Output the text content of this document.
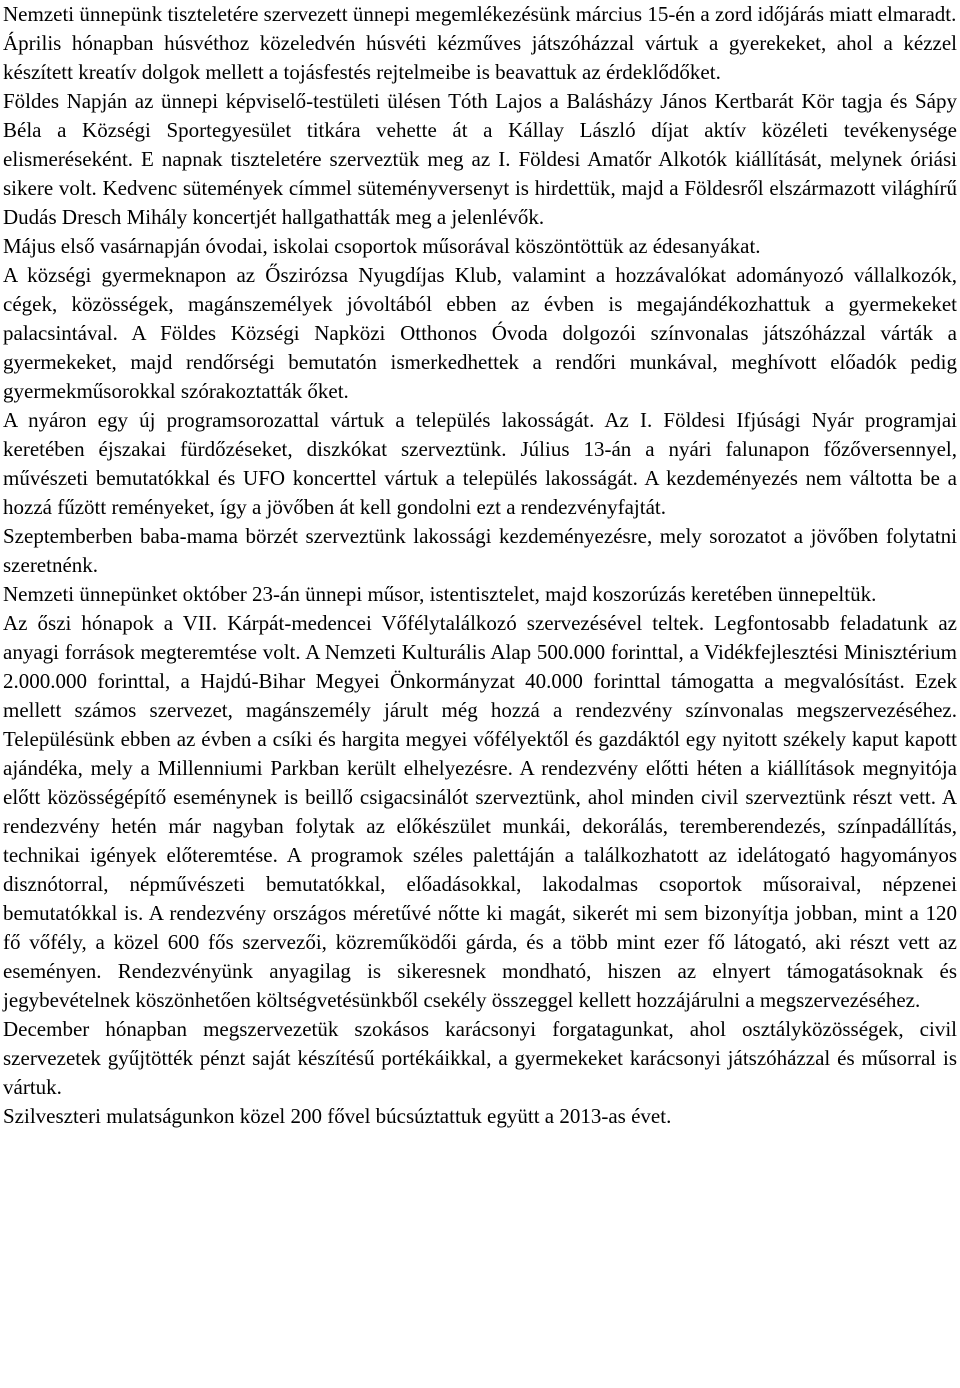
Nemzeti ünnepünk tiszteletére szervezett ünnepi megemlékezésünk március 15-én a zord időjárás miatt elmaradt.

Április hónapban húsvéthoz közeledvén húsvéti kézműves játszóházzal vártuk a gyerekeket, ahol a kézzel készített kreatív dolgok mellett a tojásfestés rejtelmeibe is beavattuk az érdeklődőket.

Földes Napján az ünnepi képviselő-testületi ülésen Tóth Lajos a Balásházy János Kertbarát Kör tagja és Sápy Béla a Községi Sportegyesület titkára vehette át a Kállay László díjat aktív közéleti tevékenysége elismeréseként. E napnak tiszteletére szerveztük meg az I. Földesi Amatőr Alkotók kiállítását, melynek óriási sikere volt. Kedvenc sütemények címmel süteményversenyt is hirdettük, majd a Földesről elszármazott világhírű Dudás Dresch Mihály koncertjét hallgathatták meg a jelenlévők.

Május első vasárnapján óvodai, iskolai csoportok műsorával köszöntöttük az édesanyákat.

A községi gyermeknapon az Őszirózsa Nyugdíjas Klub, valamint a hozzávalókat adományozó vállalkozók, cégek, közösségek, magánszemélyek jóvoltából ebben az évben is megajándékozhattuk a gyermekeket palacsintával. A Földes Községi Napközi Otthonos Óvoda dolgozói színvonalas játszóházzal várták a gyermekeket, majd rendőrségi bemutatón ismerkedhettek a rendőri munkával, meghívott előadók pedig gyermekműsorokkal szórakoztatták őket.

A nyáron egy új programsorozattal vártuk a település lakosságát. Az I. Földesi Ifjúsági Nyár programjai keretében éjszakai fürdőzéseket, diszkókat szerveztünk. Július 13-án a nyári falunapon főzőversennyel, művészeti bemutatókkal és UFO koncerttel vártuk a település lakosságát. A kezdeményezés nem váltotta be a hozzá fűzött reményeket, így a jövőben át kell gondolni ezt a rendezvényfajtát.

Szeptemberben baba-mama börzét szerveztünk lakossági kezdeményezésre, mely sorozatot a jövőben folytatni szeretnénk.

Nemzeti ünnepünket október 23-án ünnepi műsor, istentisztelet, majd koszorúzás keretében ünnepeltük.

Az őszi hónapok a VII. Kárpát-medencei Vőfélytalálkozó szervezésével teltek. Legfontosabb feladatunk az anyagi források megteremtése volt. A Nemzeti Kulturális Alap 500.000 forinttal, a Vidékfejlesztési Minisztérium 2.000.000 forinttal, a Hajdú-Bihar Megyei Önkormányzat 40.000 forinttal támogatta a megvalósítást. Ezek mellett számos szervezet, magánszemély járult még hozzá a rendezvény színvonalas megszervezéséhez. Településünk ebben az évben a csíki és hargita megyei vőfélyektől és gazdáktól egy nyitott székely kaput kapott ajándéka, mely a Millenniumi Parkban került elhelyezésre. A rendezvény előtti héten a kiállítások megnyitója előtt közösségépítő eseménynek is beillő csigacsinálót szerveztünk, ahol minden civil szerveztünk részt vett. A rendezvény hetén már nagyban folytak az előkészület munkái, dekorálás, teremberendezés, színpadállítás, technikai igények előteremtése. A programok széles palettáján a találkozhatott az idelátogató hagyományos disznótorral, népművészeti bemutatókkal, előadásokkal, lakodalmas csoportok műsoraival, népzenei bemutatókkal is. A rendezvény országos méretűvé nőtte ki magát, sikerét mi sem bizonyítja jobban, mint a 120 fő vőfély, a közel 600 fős szervezői, közreműködői gárda, és a több mint ezer fő látogató, aki részt vett az eseményen. Rendezvényünk anyagilag is sikeresnek mondható, hiszen az elnyert támogatásoknak és jegybevételnek köszönhetően költségvetésünkből csekély összeggel kellett hozzájárulni a megszervezéséhez.

December hónapban megszervezetük szokásos karácsonyi forgatagunkat, ahol osztályközösségek, civil szervezetek gyűjtötték pénzt saját készítésű portékáikkal, a gyermekeket karácsonyi játszóházzal és műsorral is vártuk.

Szilveszteri mulatságunkon közel 200 fővel búcsúztattuk együtt a 2013-as évet.
